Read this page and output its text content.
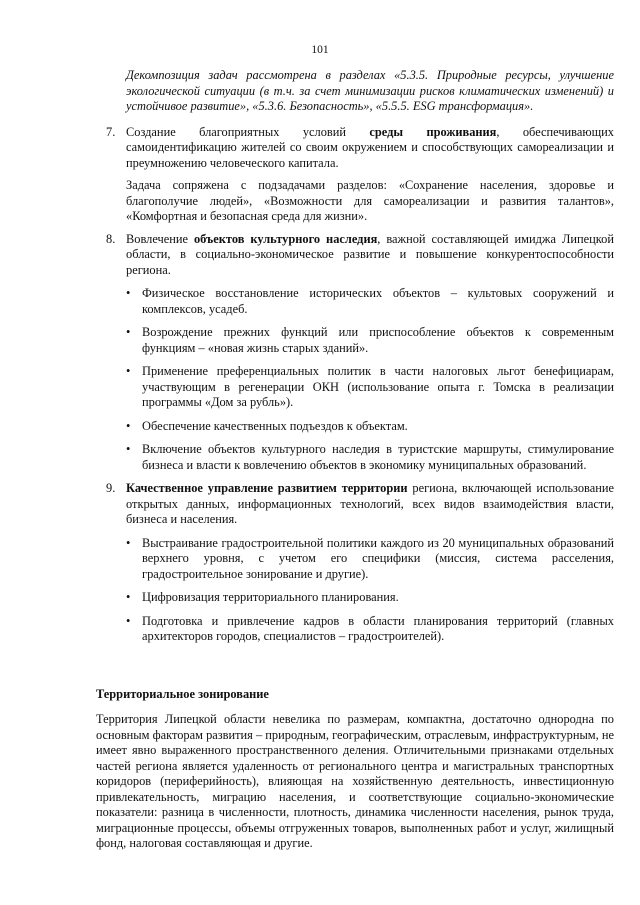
101

Декомпозиция задач рассмотрена в разделах «5.3.5. Природные ресурсы, улучшение экологической ситуации (в т.ч. за счет минимизации рисков климатических изменений) и устойчивое развитие», «5.3.6. Безопасность», «5.5.5. ESG трансформация».

7. Создание благоприятных условий среды проживания, обеспечивающих самоидентификацию жителей со своим окружением и способствующих самореализации и преумножению человеческого капитала.

Задача сопряжена с подзадачами разделов: «Сохранение населения, здоровье и благополучие людей», «Возможности для самореализации и развития талантов», «Комфортная и безопасная среда для жизни».

8. Вовлечение объектов культурного наследия, важной составляющей имиджа Липецкой области, в социально-экономическое развитие и повышение конкурентоспособности региона.

• Физическое восстановление исторических объектов – культовых сооружений и комплексов, усадеб.
• Возрождение прежних функций или приспособление объектов к современным функциям – «новая жизнь старых зданий».
• Применение преференциальных политик в части налоговых льгот бенефициарам, участвующим в регенерации ОКН (использование опыта г. Томска в реализации программы «Дом за рубль»).
• Обеспечение качественных подъездов к объектам.
• Включение объектов культурного наследия в туристские маршруты, стимулирование бизнеса и власти к вовлечению объектов в экономику муниципальных образований.
9. Качественное управление развитием территории региона, включающей использование открытых данных, информационных технологий, всех видов взаимодействия власти, бизнеса и населения.

• Выстраивание градостроительной политики каждого из 20 муниципальных образований верхнего уровня, с учетом его специфики (миссия, система расселения, градостроительное зонирование и другие).
• Цифровизация территориального планирования.
• Подготовка и привлечение кадров в области планирования территорий (главных архитекторов городов, специалистов – градостроителей).
Территориальное зонирование

Территория Липецкой области невелика по размерам, компактна, достаточно однородна по основным факторам развития – природным, географическим, отраслевым, инфраструктурным, не имеет явно выраженного пространственного деления. Отличительными признаками отдельных частей региона является удаленность от регионального центра и магистральных транспортных коридоров (периферийность), влияющая на хозяйственную деятельность, инвестиционную привлекательность, миграцию населения, и соответствующие социально-экономические показатели: разница в численности, плотность, динамика численности населения, рынок труда, миграционные процессы, объемы отгруженных товаров, выполненных работ и услуг, жилищный фонд, налоговая составляющая и другие.
